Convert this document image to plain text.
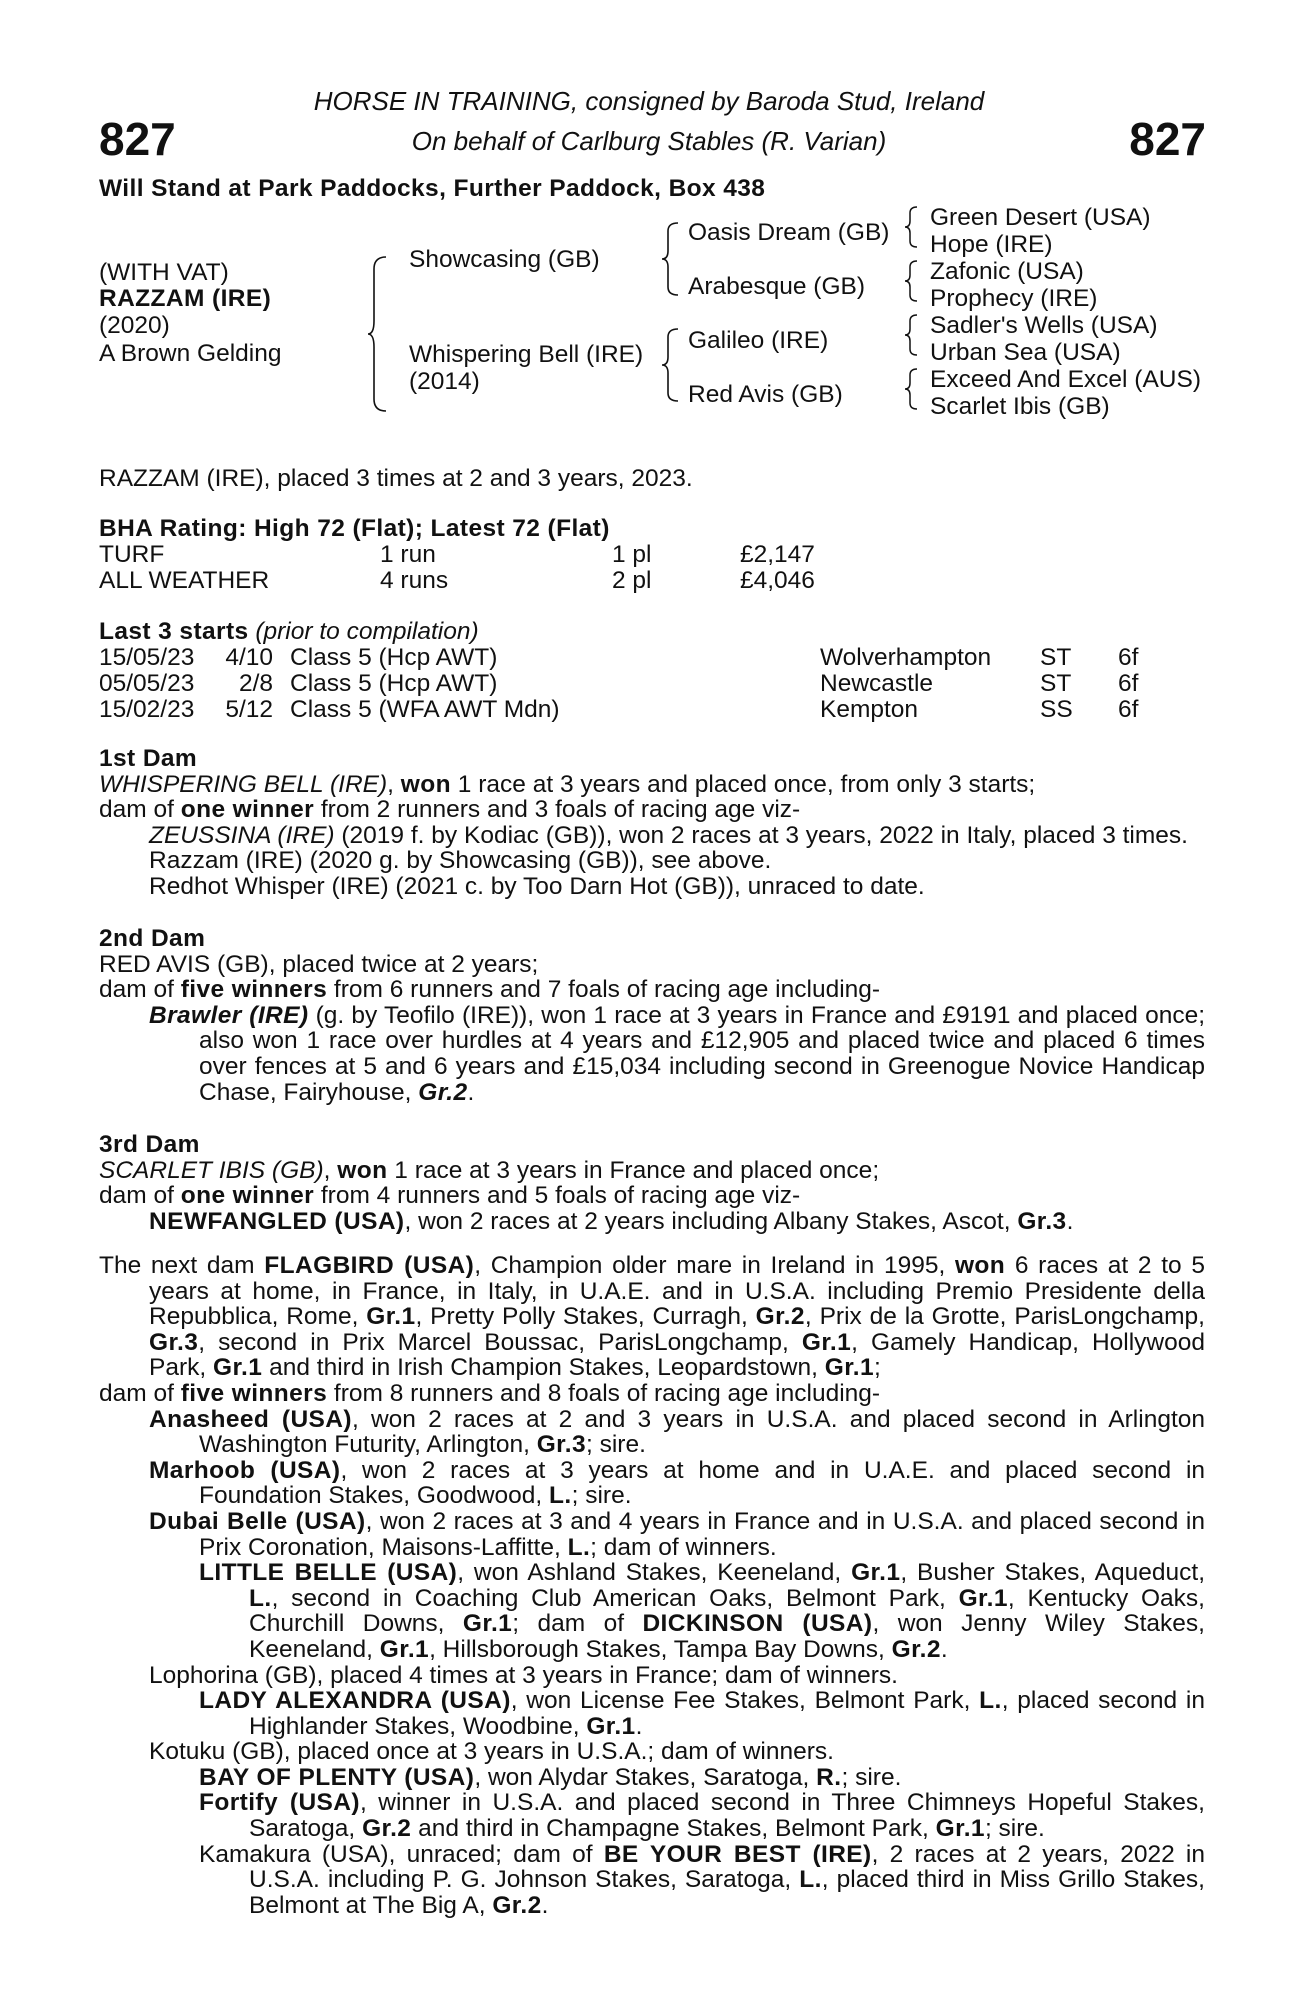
827	827
HORSE IN TRAINING, consigned by Baroda Stud, Ireland
On behalf of Carlburg Stables (R. Varian)
Will Stand at Park Paddocks, Further Paddock, Box 438
(WITH VAT)
RAZZAM (IRE)
(2020)
A Brown Gelding
Showcasing (GB)
Whispering Bell (IRE)
(2014)
Oasis Dream (GB)
Arabesque (GB)
Galileo (IRE)
Red Avis (GB)
Green Desert (USA)
Hope (IRE)
Zafonic (USA)
Prophecy (IRE)
Sadler's Wells (USA)
Urban Sea (USA)
Exceed And Excel (AUS)
Scarlet Ibis (GB)
RAZZAM (IRE), placed 3 times at 2 and 3 years, 2023.
BHA Rating: High 72 (Flat); Latest 72 (Flat)
TURF	1 run	1 pl	£2,147
ALL WEATHER	4 runs	2 pl	£4,046
Last 3 starts (prior to compilation)
15/05/23	4/10 Class 5 (Hcp AWT)	Wolverhampton ST 6f
05/05/23	2/8 Class 5 (Hcp AWT)	Newcastle	ST 6f
15/02/23	5/12 Class 5 (WFA AWT Mdn)	Kempton	SS 6f
1st Dam
WHISPERING BELL (IRE), won 1 race at 3 years and placed once, from only 3 starts;
dam of one winner from 2 runners and 3 foals of racing age viz-
ZEUSSINA (IRE) (2019 f. by Kodiac (GB)), won 2 races at 3 years, 2022 in Italy, placed 3 times.
Razzam (IRE) (2020 g. by Showcasing (GB)), see above.
Redhot Whisper (IRE) (2021 c. by Too Darn Hot (GB)), unraced to date.
2nd Dam
RED AVIS (GB), placed twice at 2 years;
dam of five winners from 6 runners and 7 foals of racing age including-
Brawler (IRE) (g. by Teofilo (IRE)), won 1 race at 3 years in France and £9191 and placed once; also won 1 race over hurdles at 4 years and £12,905 and placed twice and placed 6 times over fences at 5 and 6 years and £15,034 including second in Greenogue Novice Handicap Chase, Fairyhouse, Gr.2.
3rd Dam
SCARLET IBIS (GB), won 1 race at 3 years in France and placed once;
dam of one winner from 4 runners and 5 foals of racing age viz-
NEWFANGLED (USA), won 2 races at 2 years including Albany Stakes, Ascot, Gr.3.
The next dam FLAGBIRD (USA), Champion older mare in Ireland in 1995, won 6 races at 2 to 5 years at home, in France, in Italy, in U.A.E. and in U.S.A. including Premio Presidente della Repubblica, Rome, Gr.1, Pretty Polly Stakes, Curragh, Gr.2, Prix de la Grotte, ParisLongchamp, Gr.3, second in Prix Marcel Boussac, ParisLongchamp, Gr.1, Gamely Handicap, Hollywood Park, Gr.1 and third in Irish Champion Stakes, Leopardstown, Gr.1;
dam of five winners from 8 runners and 8 foals of racing age including-
Anasheed (USA), won 2 races at 2 and 3 years in U.S.A. and placed second in Arlington Washington Futurity, Arlington, Gr.3; sire.
Marhoob (USA), won 2 races at 3 years at home and in U.A.E. and placed second in Foundation Stakes, Goodwood, L.; sire.
Dubai Belle (USA), won 2 races at 3 and 4 years in France and in U.S.A. and placed second in Prix Coronation, Maisons-Laffitte, L.; dam of winners.
LITTLE BELLE (USA), won Ashland Stakes, Keeneland, Gr.1, Busher Stakes, Aqueduct, L., second in Coaching Club American Oaks, Belmont Park, Gr.1, Kentucky Oaks, Churchill Downs, Gr.1; dam of DICKINSON (USA), won Jenny Wiley Stakes, Keeneland, Gr.1, Hillsborough Stakes, Tampa Bay Downs, Gr.2.
Lophorina (GB), placed 4 times at 3 years in France; dam of winners.
LADY ALEXANDRA (USA), won License Fee Stakes, Belmont Park, L., placed second in Highlander Stakes, Woodbine, Gr.1.
Kotuku (GB), placed once at 3 years in U.S.A.; dam of winners.
BAY OF PLENTY (USA), won Alydar Stakes, Saratoga, R.; sire.
Fortify (USA), winner in U.S.A. and placed second in Three Chimneys Hopeful Stakes, Saratoga, Gr.2 and third in Champagne Stakes, Belmont Park, Gr.1; sire.
Kamakura (USA), unraced; dam of BE YOUR BEST (IRE), 2 races at 2 years, 2022 in U.S.A. including P. G. Johnson Stakes, Saratoga, L., placed third in Miss Grillo Stakes, Belmont at The Big A, Gr.2.
